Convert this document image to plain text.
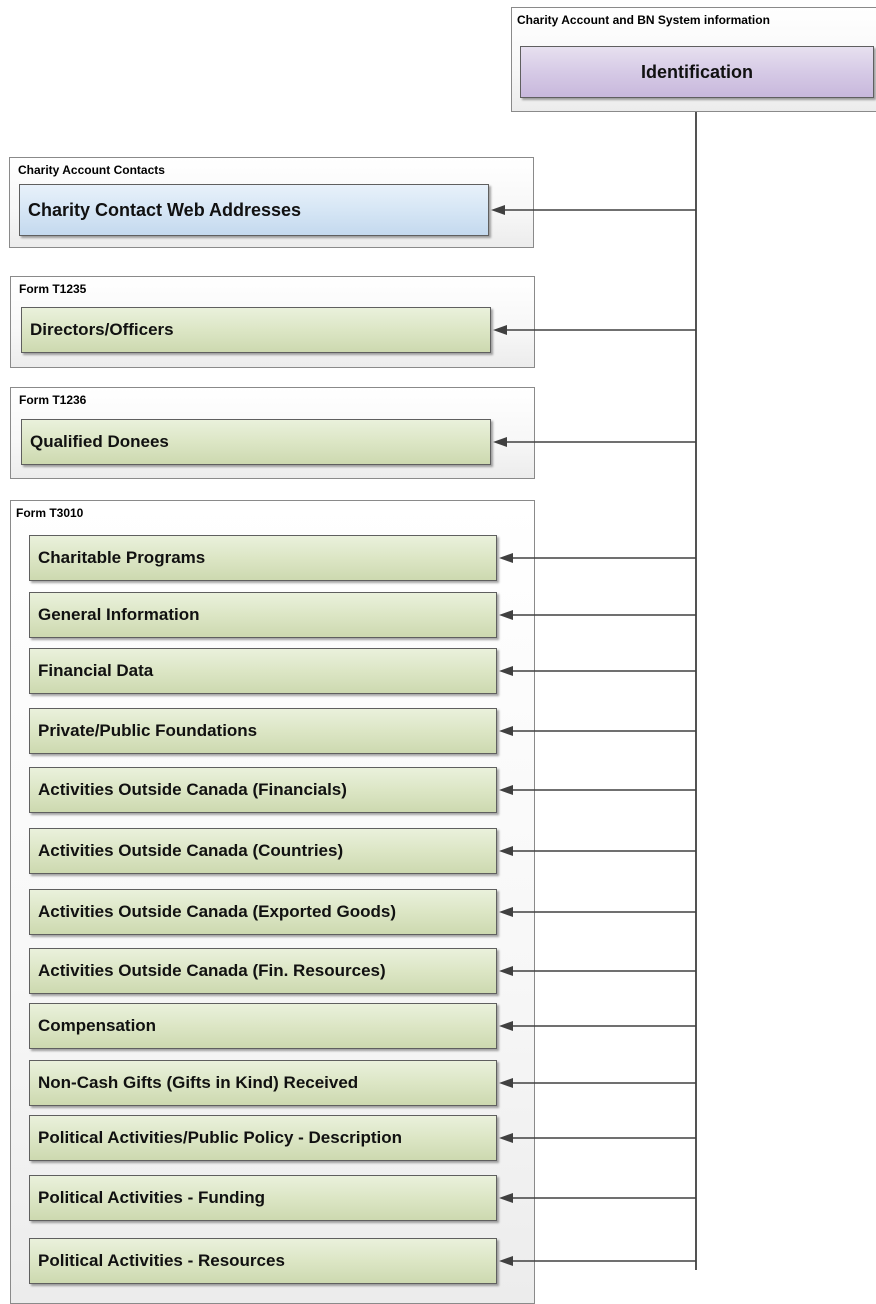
Charity Account and BN System information
Identification
Charity Account Contacts
Charity Contact Web Addresses
Form T1235
Directors/Officers
Form T1236
Qualified Donees
Form T3010
Charitable Programs
General Information
Financial Data
Private/Public Foundations
Activities Outside Canada (Financials)
Activities Outside Canada (Countries)
Activities Outside Canada (Exported Goods)
Activities Outside Canada (Fin. Resources)
Compensation
Non-Cash Gifts (Gifts in Kind) Received
Political Activities/Public Policy - Description
Political Activities - Funding
Political Activities - Resources
